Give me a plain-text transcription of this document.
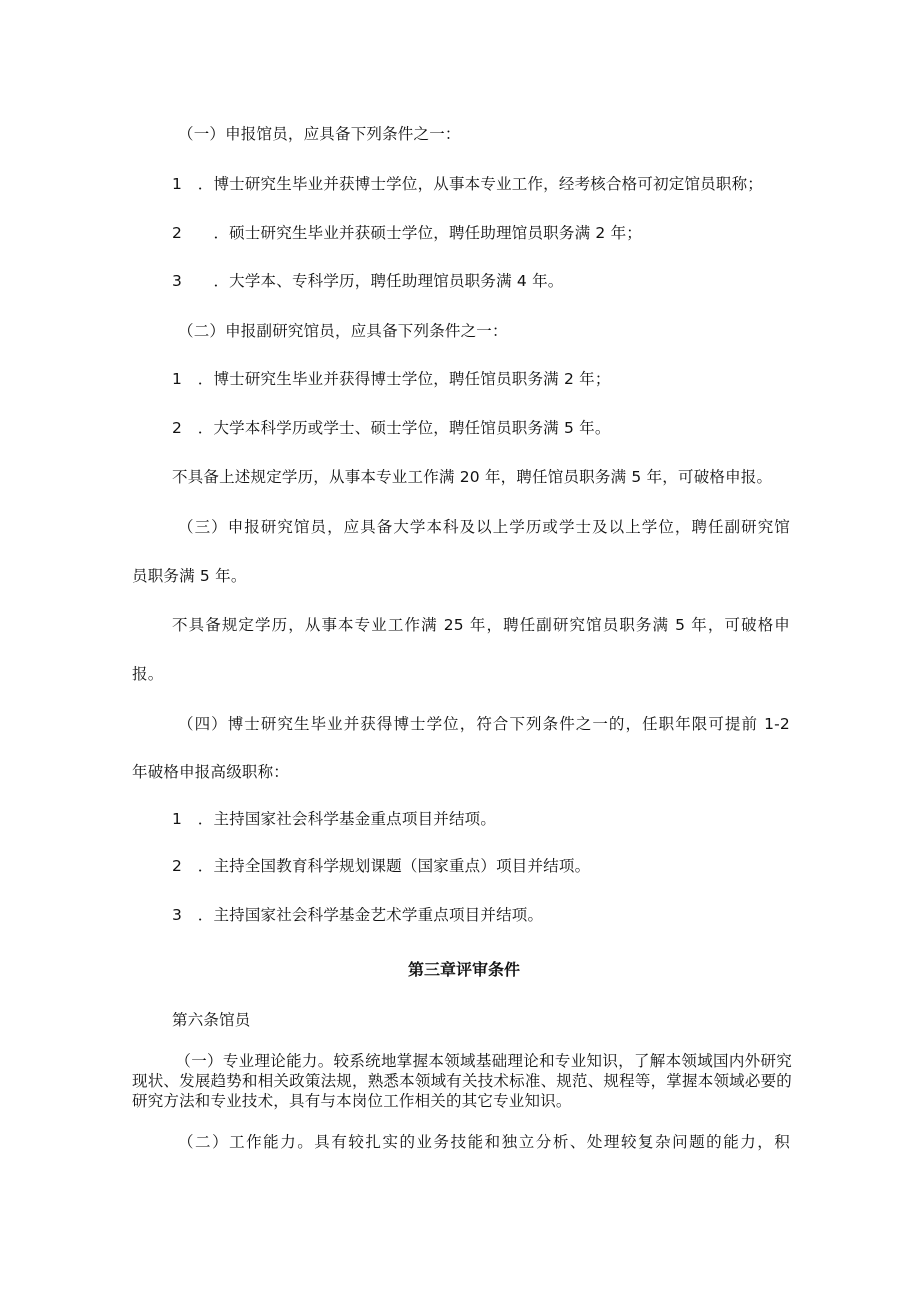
（一）申报馆员，应具备下列条件之一：
1　．博士研究生毕业并获博士学位，从事本专业工作，经考核合格可初定馆员职称；
2　　．硕士研究生毕业并获硕士学位，聘任助理馆员职务满 2 年；
3　　．大学本、专科学历，聘任助理馆员职务满 4 年。
（二）申报副研究馆员，应具备下列条件之一：
1　．博士研究生毕业并获得博士学位，聘任馆员职务满 2 年；
2　．大学本科学历或学士、硕士学位，聘任馆员职务满 5 年。
不具备上述规定学历，从事本专业工作满 20 年，聘任馆员职务满 5 年，可破格申报。
（三）申报研究馆员，应具备大学本科及以上学历或学士及以上学位，聘任副研究馆
员职务满 5 年。
不具备规定学历，从事本专业工作满 25 年，聘任副研究馆员职务满 5 年，可破格申
报。
（四）博士研究生毕业并获得博士学位，符合下列条件之一的，任职年限可提前 1-2
年破格申报高级职称：
1　．主持国家社会科学基金重点项目并结项。
2　．主持全国教育科学规划课题（国家重点）项目并结项。
3　．主持国家社会科学基金艺术学重点项目并结项。
第三章评审条件
第六条馆员
（一）专业理论能力。较系统地掌握本领域基础理论和专业知识，了解本领域国内外研究现状、发展趋势和相关政策法规，熟悉本领域有关技术标准、规范、规程等，掌握本领域必要的研究方法和专业技术，具有与本岗位工作相关的其它专业知识。
（二）工作能力。具有较扎实的业务技能和独立分析、处理较复杂问题的能力，积
